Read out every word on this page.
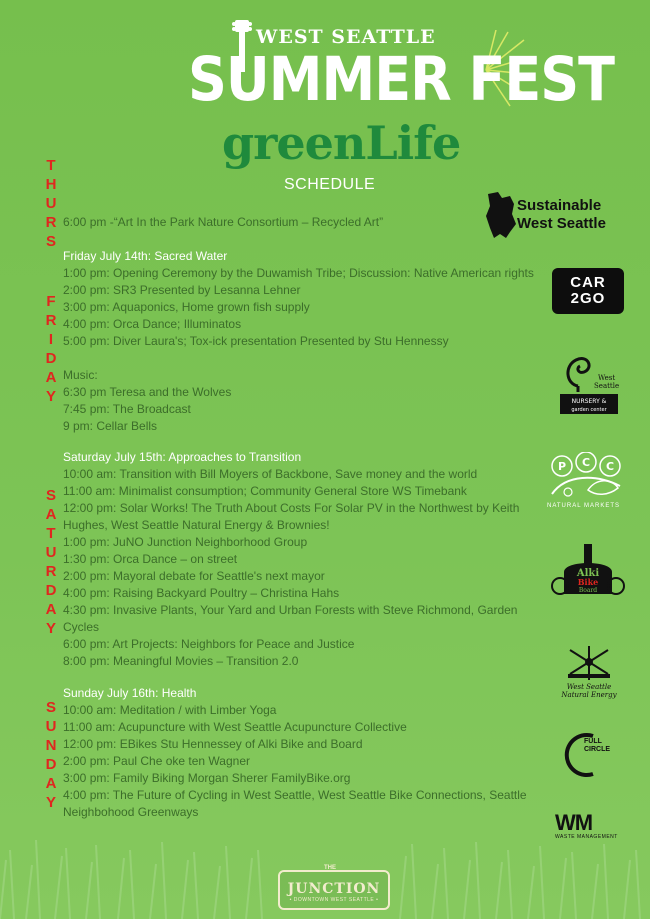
WEST SEATTLE
SUMMER FEST
greenLife
SCHEDULE
T
H
U
R
S
F
R
I
D
A
Y
S
A
T
U
R
D
A
Y
S
U
N
D
A
Y
6:00 pm -“Art In the Park Nature Consortium – Recycled Art”
Friday July 14th: Sacred Water
1:00 pm: Opening Ceremony by the Duwamish Tribe; Discussion: Native American rights
2:00 pm: SR3 Presented by Lesanna Lehner
3:00 pm: Aquaponics, Home grown fish supply
4:00 pm: Orca Dance; Illuminatos
5:00 pm: Diver Laura's; Tox-ick presentation Presented by Stu Hennessy
Music:
6:30 pm Teresa and the Wolves
7:45 pm: The Broadcast
9 pm: Cellar Bells
Saturday July 15th: Approaches to Transition
10:00 am: Transition with Bill Moyers of Backbone, Save money and the world
11:00 am: Minimalist consumption; Community General Store WS Timebank
12:00 pm: Solar Works! The Truth About Costs For Solar PV in the Northwest by Keith Hughes, West Seattle Natural Energy & Brownies!
1:00 pm: JuNO Junction Neighborhood Group
1:30 pm: Orca Dance – on street
2:00 pm: Mayoral debate for Seattle's next mayor
4:00 pm: Raising Backyard Poultry – Christina Hahs
4:30 pm: Invasive Plants, Your Yard and Urban Forests with Steve Richmond, Garden Cycles
6:00 pm: Art Projects: Neighbors for Peace and Justice
8:00 pm: Meaningful Movies – Transition 2.0
Sunday July 16th: Health
10:00 am: Meditation / with Limber Yoga
11:00 am: Acupuncture with West Seattle Acupuncture Collective
12:00 pm: EBikes Stu Hennessey of Alki Bike and Board
2:00 pm: Paul Che oke ten Wagner
3:00 pm: Family Biking Morgan Sherer FamilyBike.org
4:00 pm: The Future of Cycling in West Seattle, West Seattle Bike Connections, Seattle Neighbohood Greenways
Sustainable
West Seattle
CAR
2GO
West
Seattle
NURSERY &
garden center
P C C
NATURAL MARKETS
Alki
Bike
Board
West Seattle
Natural Energy
FULL
CIRCLE
WM
WASTE MANAGEMENT
THE
JUNCTION
• DOWNTOWN WEST SEATTLE •
